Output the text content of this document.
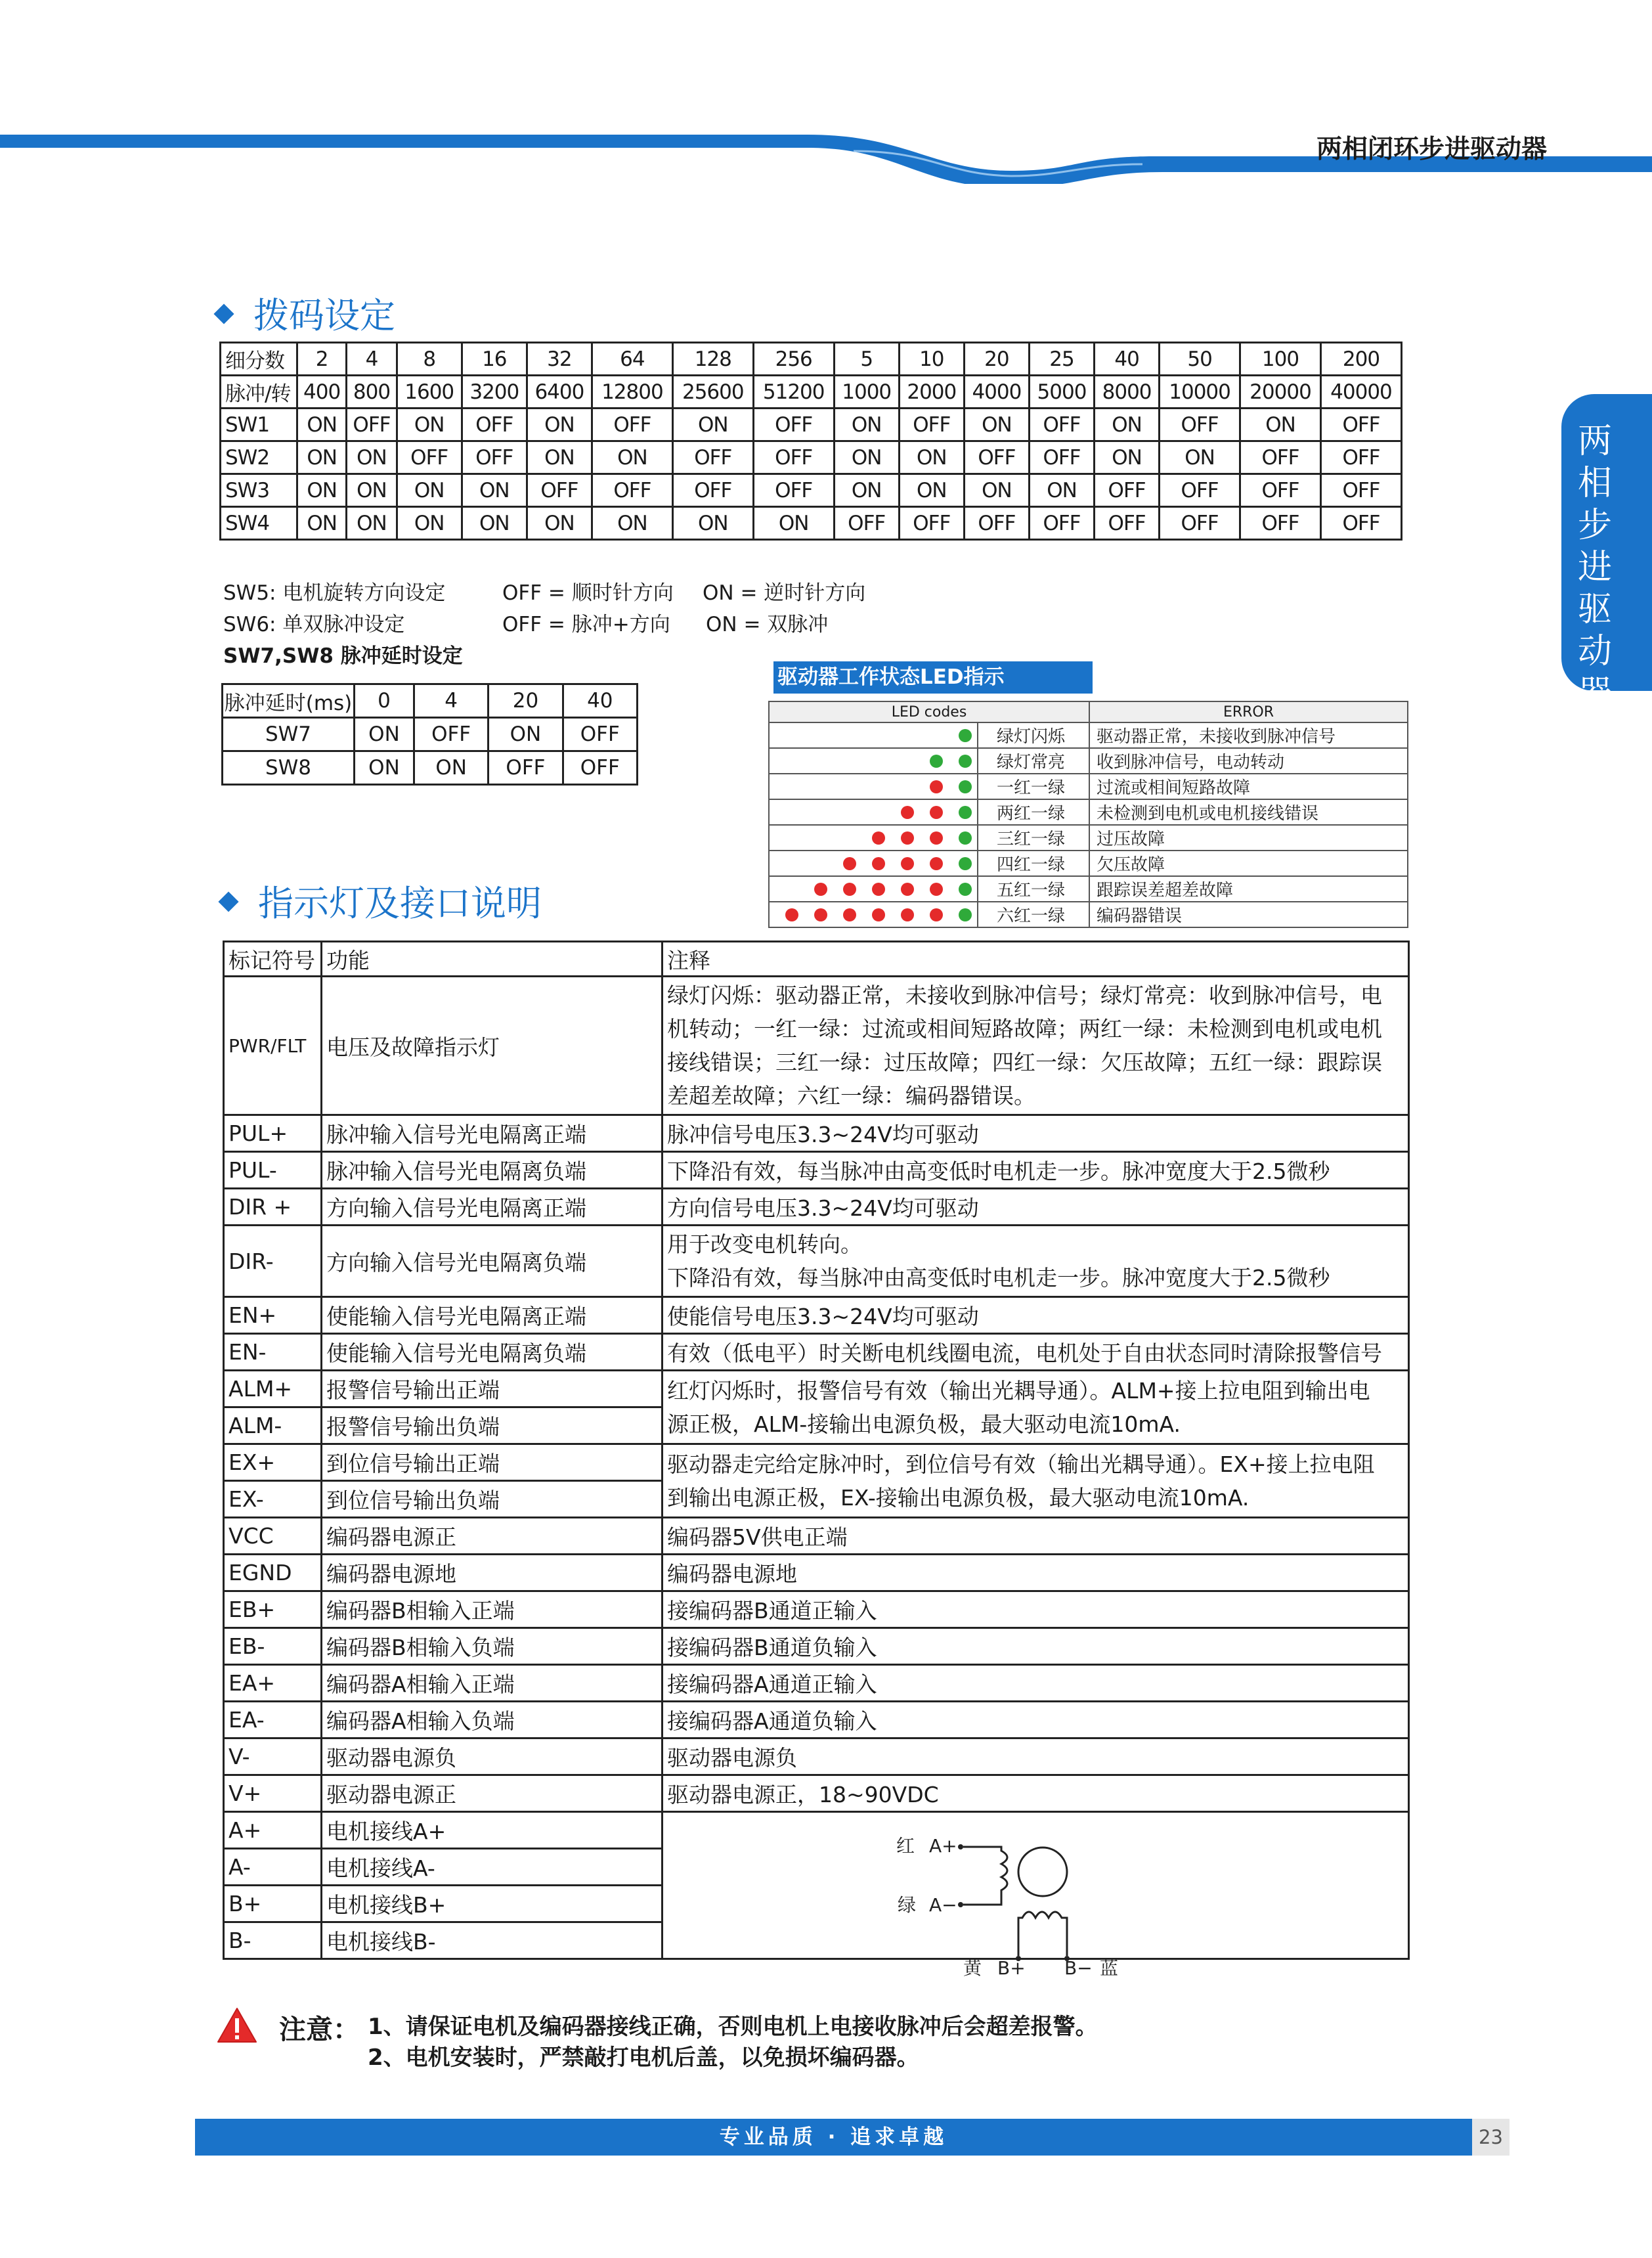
两相闭环步进驱动器
两相步进驱动器
拨码设定
细分数	2	4	8	16	32	64	128	256	5	10	20	25	40	50	100	200
脉冲/转	400	800	1600	3200	6400	12800	25600	51200	1000	2000	4000	5000	8000	10000	20000	40000
SW1	ON	OFF	ON	OFF	ON	OFF	ON	OFF	ON	OFF	ON	OFF	ON	OFF	ON	OFF
SW2	ON	ON	OFF	OFF	ON	ON	OFF	OFF	ON	ON	OFF	OFF	ON	ON	OFF	OFF
SW3	ON	ON	ON	ON	OFF	OFF	OFF	OFF	ON	ON	ON	ON	OFF	OFF	OFF	OFF
SW4	ON	ON	ON	ON	ON	ON	ON	ON	OFF	OFF	OFF	OFF	OFF	OFF	OFF	OFF
SW5: 电机旋转方向设定	OFF = 顺时针方向 ON = 逆时针方向
SW6: 单双脉冲设定	OFF = 脉冲+方向 ON = 双脉冲
SW7,SW8 脉冲延时设定
脉冲延时(ms)	0	4	20	40
SW7	ON	OFF	ON	OFF
SW8	ON	ON	OFF	OFF
驱动器工作状态LED指示
LED codes		ERROR
	绿灯闪烁	驱动器正常，未接收到脉冲信号
	绿灯常亮	收到脉冲信号，电动转动
	一红一绿	过流或相间短路故障
	两红一绿	未检测到电机或电机接线错误
	三红一绿	过压故障
	四红一绿	欠压故障
	五红一绿	跟踪误差超差故障
	六红一绿	编码器错误
指示灯及接口说明
标记符号	功能	注释
PWR/FLT	电压及故障指示灯	绿灯闪烁：驱动器正常，未接收到脉冲信号；绿灯常亮：收到脉冲信号，电
机转动；一红一绿：过流或相间短路故障；两红一绿：未检测到电机或电机
接线错误；三红一绿：过压故障；四红一绿：欠压故障；五红一绿：跟踪误
差超差故障；六红一绿：编码器错误。

PUL+	脉冲输入信号光电隔离正端	脉冲信号电压3.3~24V均可驱动
PUL-	脉冲输入信号光电隔离负端	下降沿有效，每当脉冲由高变低时电机走一步。脉冲宽度大于2.5微秒
DIR +	方向输入信号光电隔离正端	方向信号电压3.3~24V均可驱动
DIR-	方向输入信号光电隔离负端	用于改变电机转向。
下降沿有效，每当脉冲由高变低时电机走一步。脉冲宽度大于2.5微秒

EN+	使能输入信号光电隔离正端	使能信号电压3.3~24V均可驱动
EN-	使能输入信号光电隔离负端	有效（低电平）时关断电机线圈电流，电机处于自由状态同时清除报警信号
ALM+	报警信号输出正端	红灯闪烁时，报警信号有效（输出光耦导通）。ALM+接上拉电阻到输出电
源正极，ALM-接输出电源负极，最大驱动电流10mA.

ALM-	报警信号输出负端	
EX+	到位信号输出正端	驱动器走完给定脉冲时，到位信号有效（输出光耦导通）。EX+接上拉电阻
到输出电源正极，EX-接输出电源负极，最大驱动电流10mA.

EX-	到位信号输出负端	
VCC	编码器电源正	编码器5V供电正端
EGND	编码器电源地	编码器电源地
EB+	编码器B相输入正端	接编码器B通道正输入
EB-	编码器B相输入负端	接编码器B通道负输入
EA+	编码器A相输入正端	接编码器A通道正输入
EA-	编码器A相输入负端	接编码器A通道负输入
V-	驱动器电源负	驱动器电源负
V+	驱动器电源正	驱动器电源正，18~90VDC
A+	电机接线A+	
A-	电机接线A-	
B+	电机接线B+	
B-	电机接线B-	
红 A+
绿 A−
黄 B+ B− 蓝
注意： 1、请保证电机及编码器接线正确，否则电机上电接收脉冲后会超差报警。
2、电机安装时，严禁敲打电机后盖，以免损坏编码器。
专业品质 · 追求卓越	23
